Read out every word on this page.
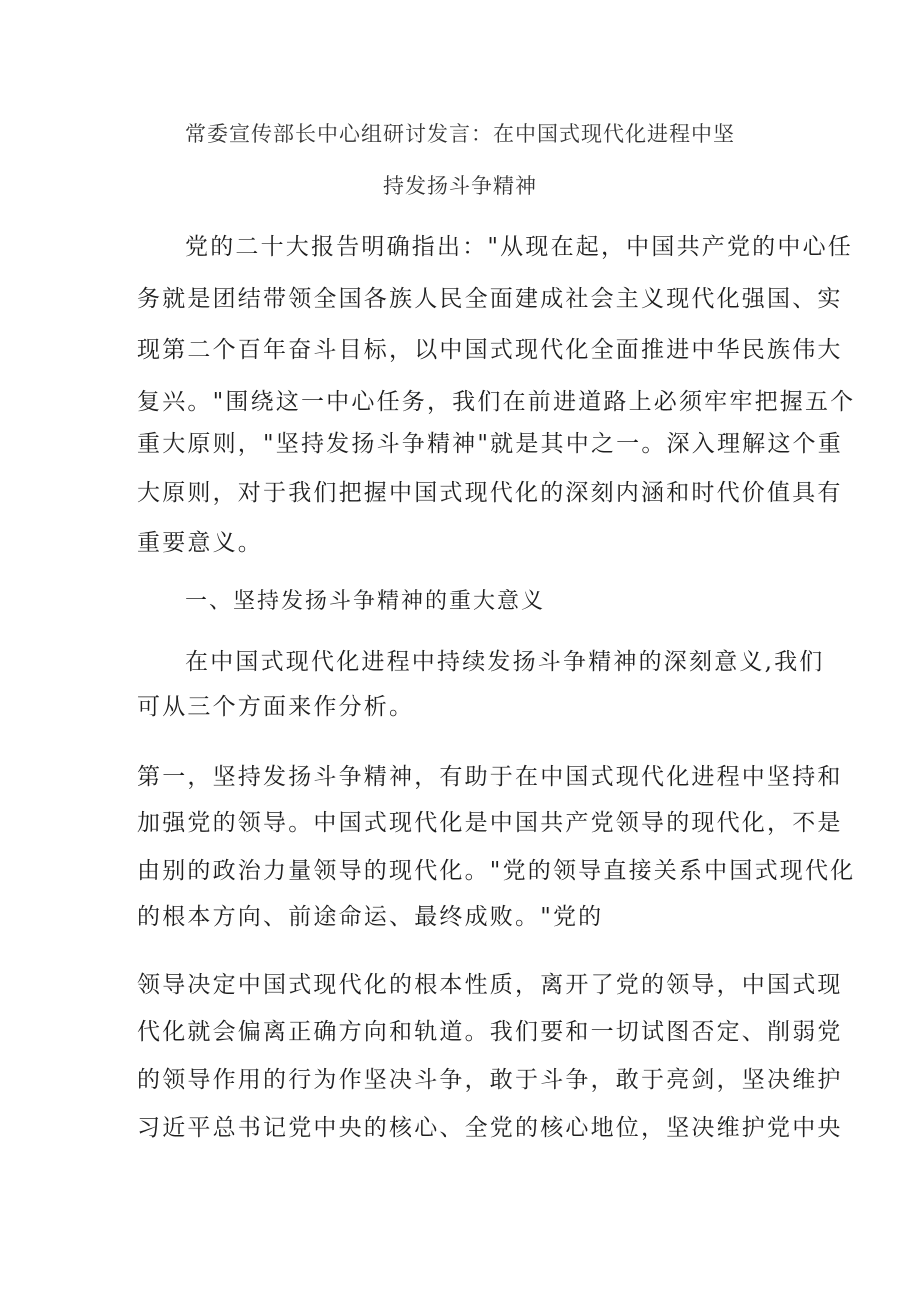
常委宣传部长中心组研讨发言：在中国式现代化进程中坚
持发扬斗争精神
党的二十大报告明确指出："从现在起，中国共产党的中心任
务就是团结带领全国各族人民全面建成社会主义现代化强国、实
现第二个百年奋斗目标，以中国式现代化全面推进中华民族伟大
复兴。"围绕这一中心任务，我们在前进道路上必须牢牢把握五个
重大原则，"坚持发扬斗争精神"就是其中之一。深入理解这个重
大原则，对于我们把握中国式现代化的深刻内涵和时代价值具有
重要意义。
一、坚持发扬斗争精神的重大意义
在中国式现代化进程中持续发扬斗争精神的深刻意义,我们
可从三个方面来作分析。
第一，坚持发扬斗争精神，有助于在中国式现代化进程中坚持和
加强党的领导。中国式现代化是中国共产党领导的现代化，不是
由别的政治力量领导的现代化。"党的领导直接关系中国式现代化
的根本方向、前途命运、最终成败。"党的
领导决定中国式现代化的根本性质，离开了党的领导，中国式现
代化就会偏离正确方向和轨道。我们要和一切试图否定、削弱党
的领导作用的行为作坚决斗争，敢于斗争，敢于亮剑，坚决维护
习近平总书记党中央的核心、全党的核心地位，坚决维护党中央
